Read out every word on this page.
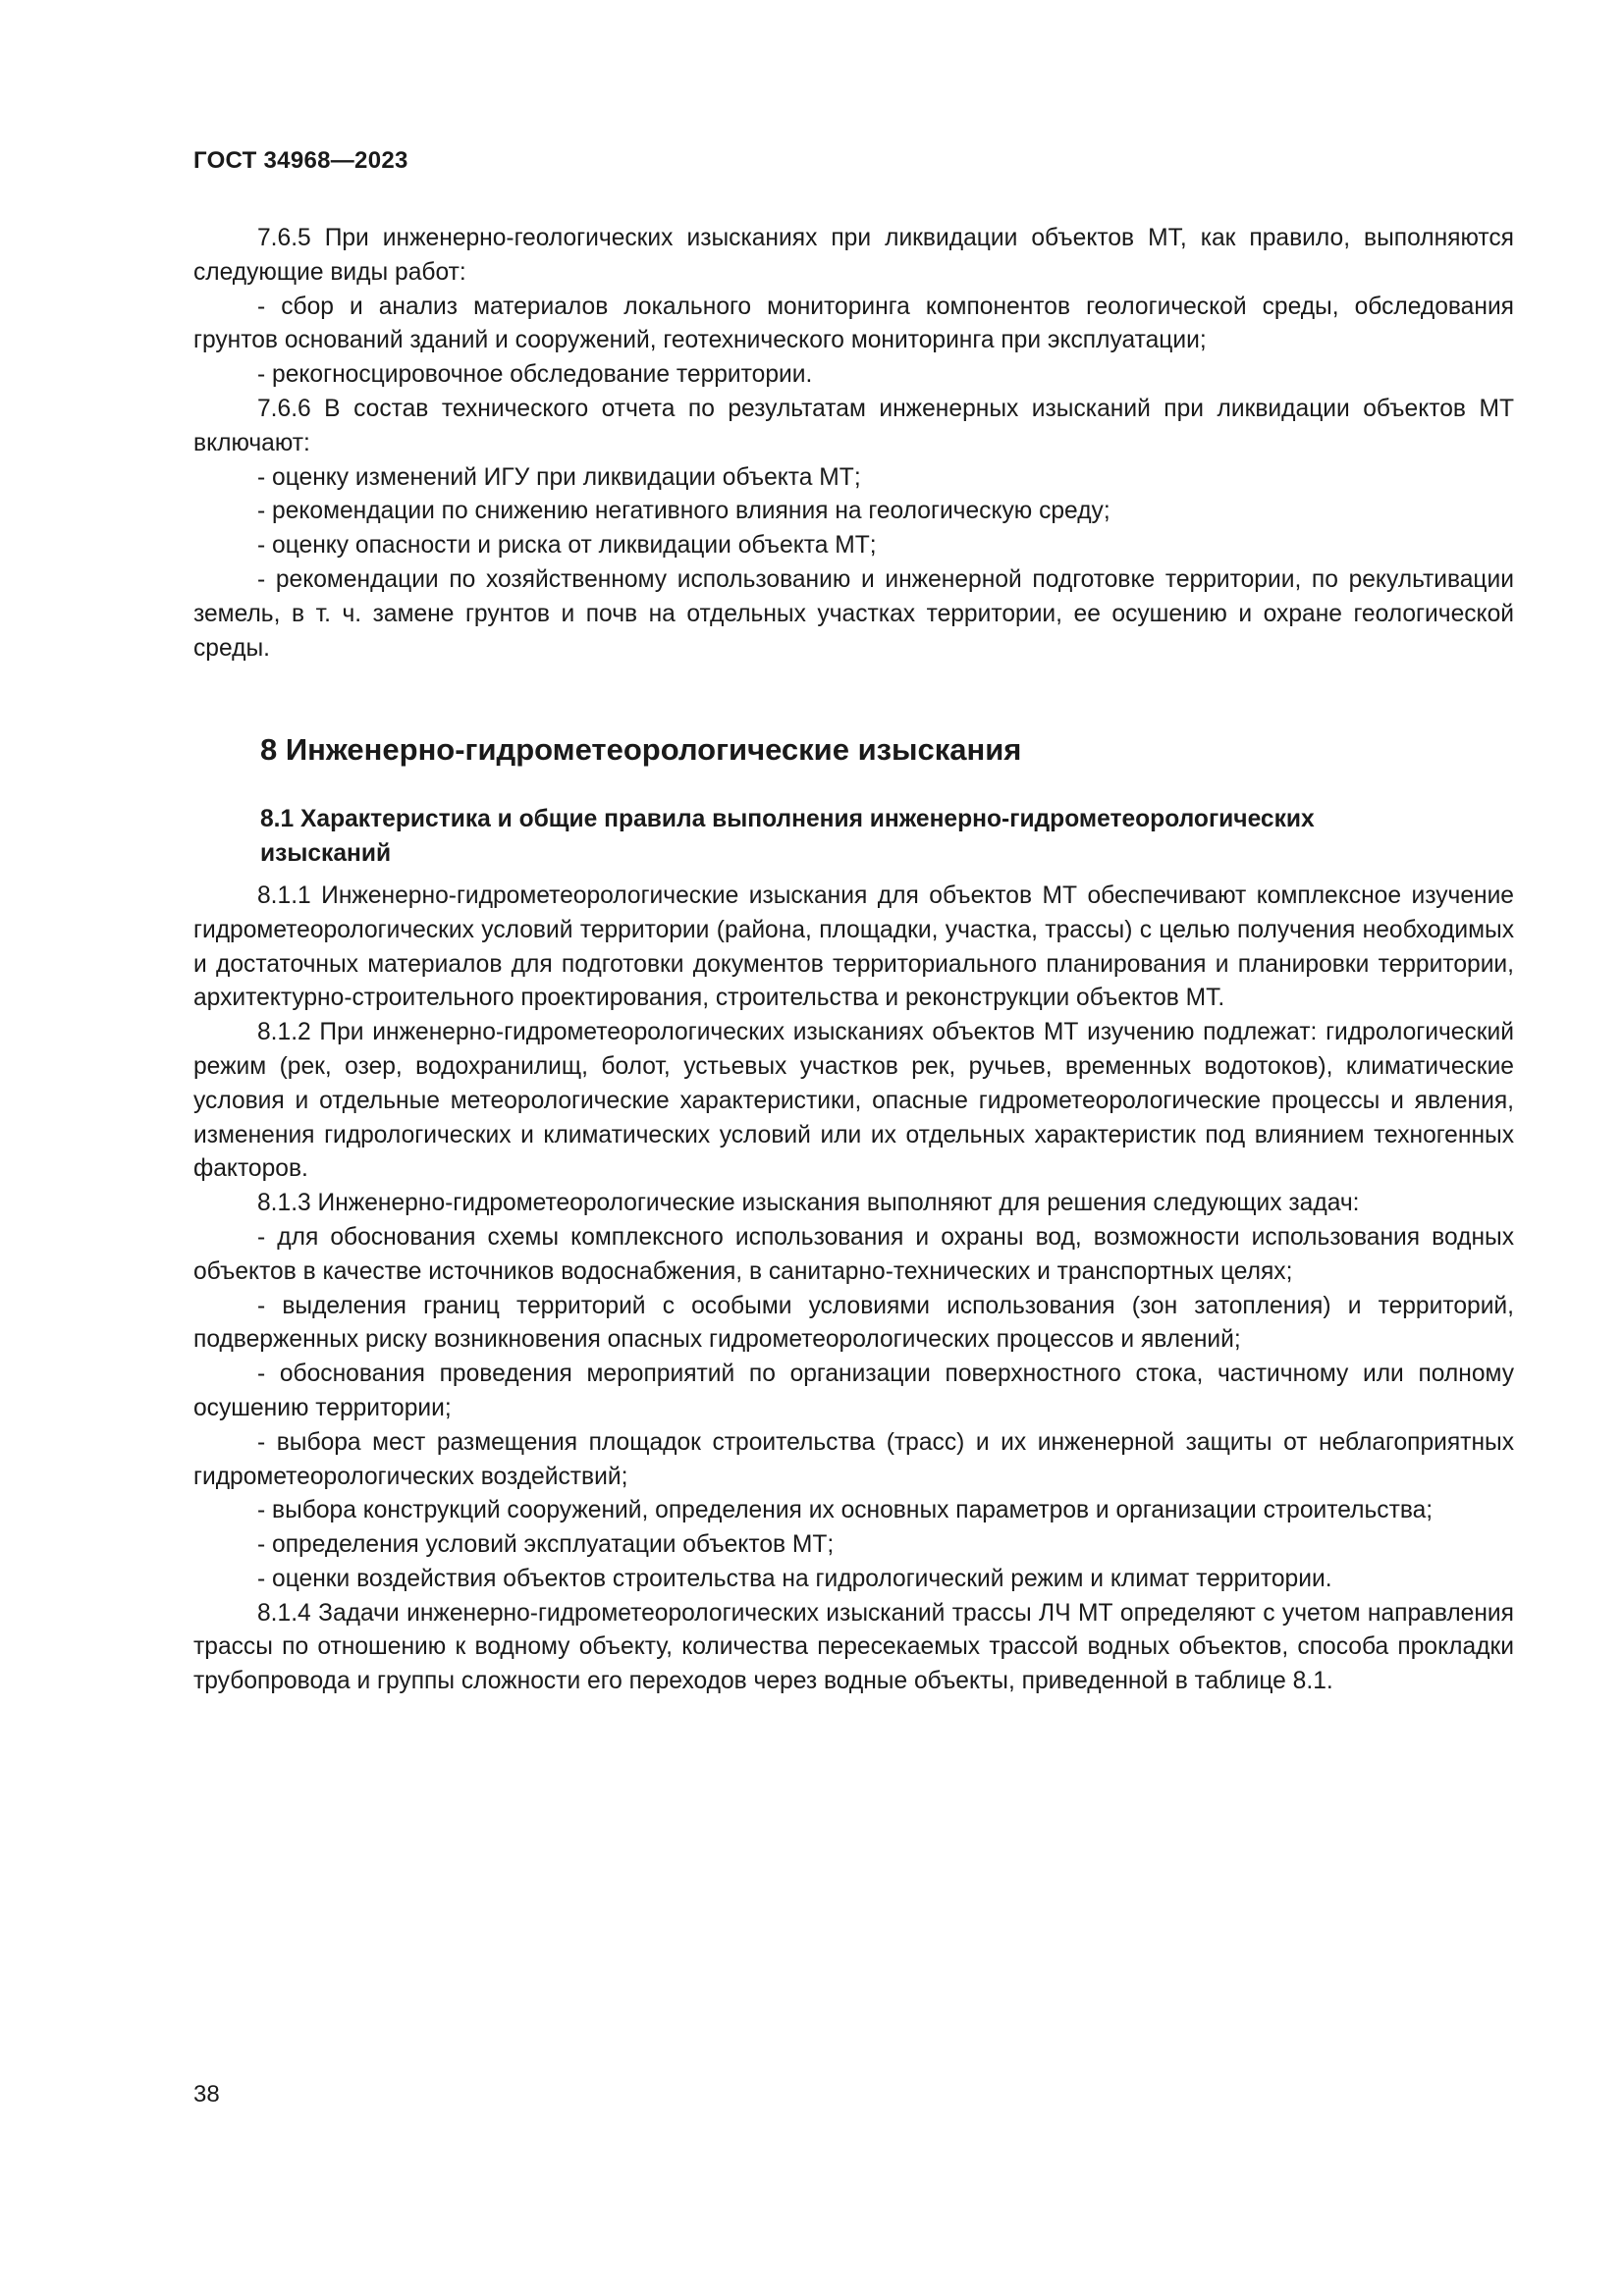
ГОСТ 34968—2023

7.6.5 При инженерно-геологических изысканиях при ликвидации объектов МТ, как правило, выполняются следующие виды работ:

- сбор и анализ материалов локального мониторинга компонентов геологической среды, обследования грунтов оснований зданий и сооружений, геотехнического мониторинга при эксплуатации;

- рекогносцировочное обследование территории.

7.6.6 В состав технического отчета по результатам инженерных изысканий при ликвидации объектов МТ включают:

- оценку изменений ИГУ при ликвидации объекта МТ;

- рекомендации по снижению негативного влияния на геологическую среду;

- оценку опасности и риска от ликвидации объекта МТ;

- рекомендации по хозяйственному использованию и инженерной подготовке территории, по рекультивации земель, в т. ч. замене грунтов и почв на отдельных участках территории, ее осушению и охране геологической среды.

8 Инженерно-гидрометеорологические изыскания
8.1 Характеристика и общие правила выполнения инженерно-гидрометеорологических изысканий

8.1.1 Инженерно-гидрометеорологические изыскания для объектов МТ обеспечивают комплексное изучение гидрометеорологических условий территории (района, площадки, участка, трассы) с целью получения необходимых и достаточных материалов для подготовки документов территориального планирования и планировки территории, архитектурно-строительного проектирования, строительства и реконструкции объектов МТ.

8.1.2 При инженерно-гидрометеорологических изысканиях объектов МТ изучению подлежат: гидрологический режим (рек, озер, водохранилищ, болот, устьевых участков рек, ручьев, временных водотоков), климатические условия и отдельные метеорологические характеристики, опасные гидрометеорологические процессы и явления, изменения гидрологических и климатических условий или их отдельных характеристик под влиянием техногенных факторов.

8.1.3 Инженерно-гидрометеорологические изыскания выполняют для решения следующих задач:

- для обоснования схемы комплексного использования и охраны вод, возможности использования водных объектов в качестве источников водоснабжения, в санитарно-технических и транспортных целях;

- выделения границ территорий с особыми условиями использования (зон затопления) и территорий, подверженных риску возникновения опасных гидрометеорологических процессов и явлений;

- обоснования проведения мероприятий по организации поверхностного стока, частичному или полному осушению территории;

- выбора мест размещения площадок строительства (трасс) и их инженерной защиты от неблагоприятных гидрометеорологических воздействий;

- выбора конструкций сооружений, определения их основных параметров и организации строительства;

- определения условий эксплуатации объектов МТ;

- оценки воздействия объектов строительства на гидрологический режим и климат территории.

8.1.4 Задачи инженерно-гидрометеорологических изысканий трассы ЛЧ МТ определяют с учетом направления трассы по отношению к водному объекту, количества пересекаемых трассой водных объектов, способа прокладки трубопровода и группы сложности его переходов через водные объекты, приведенной в таблице 8.1.

38
